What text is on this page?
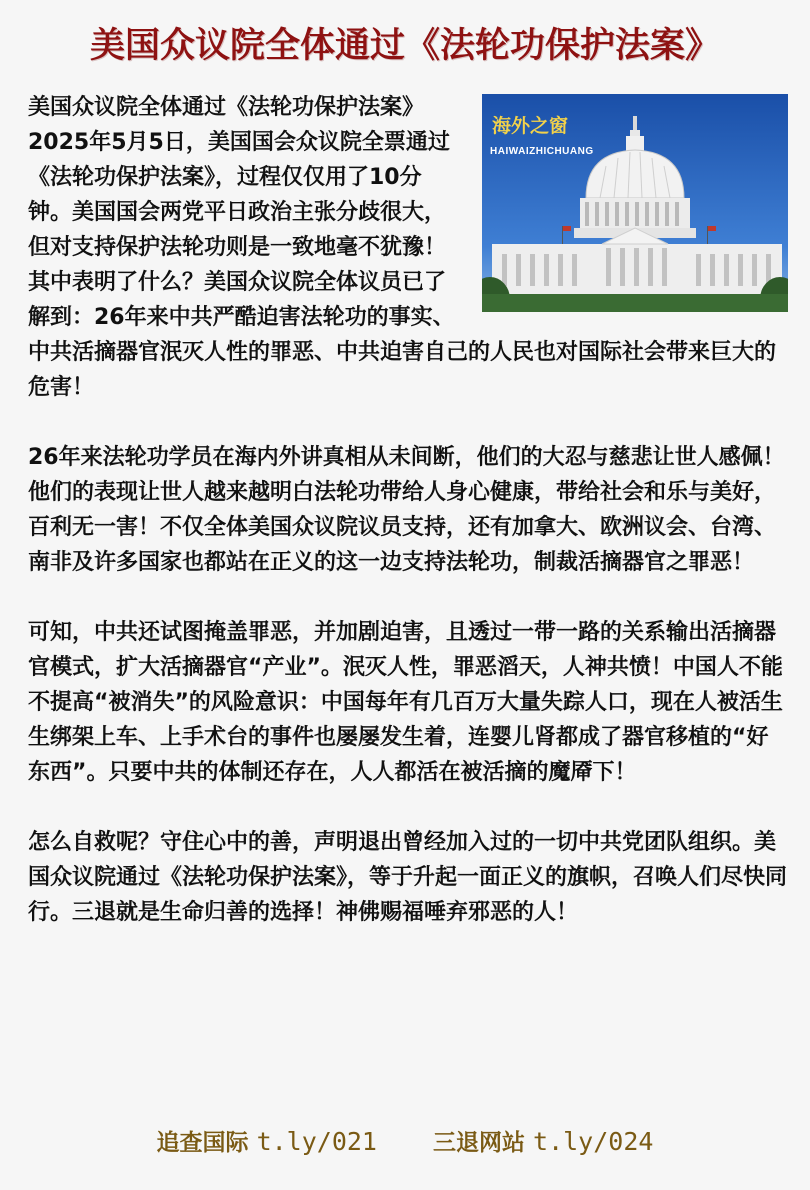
美国众议院全体通过《法轮功保护法案》
海外之窗
HAIWAIZHICHUANG

美国众议院全体通过《法轮功保护法案》2025年5月5日，美国国会众议院全票通过《法轮功保护法案》，过程仅仅用了10分钟。美国国会两党平日政治主张分歧很大，但对支持保护法轮功则是一致地毫不犹豫！其中表明了什么？美国众议院全体议员已了解到：26年来中共严酷迫害法轮功的事实、中共活摘器官泯灭人性的罪恶、中共迫害自己的人民也对国际社会带来巨大的危害！

26年来法轮功学员在海内外讲真相从未间断，他们的大忍与慈悲让世人感佩！他们的表现让世人越来越明白法轮功带给人身心健康，带给社会和乐与美好，百利无一害！不仅全体美国众议院议员支持，还有加拿大、欧洲议会、台湾、南非及许多国家也都站在正义的这一边支持法轮功，制裁活摘器官之罪恶！

可知，中共还试图掩盖罪恶，并加剧迫害，且透过一带一路的关系输出活摘器官模式，扩大活摘器官“产业”。泯灭人性，罪恶滔天，人神共愤！中国人不能不提高“被消失”的风险意识：中国每年有几百万大量失踪人口，现在人被活生生绑架上车、上手术台的事件也屡屡发生着，连婴儿肾都成了器官移植的“好东西”。只要中共的体制还存在，人人都活在被活摘的魔厣下！

怎么自救呢？守住心中的善，声明退出曾经加入过的一切中共党团队组织。美国众议院通过《法轮功保护法案》，等于升起一面正义的旗帜，召唤人们尽快同行。三退就是生命归善的选择！神佛赐福唾弃邪恶的人！

追查国际 t.ly/021 三退网站 t.ly/024
